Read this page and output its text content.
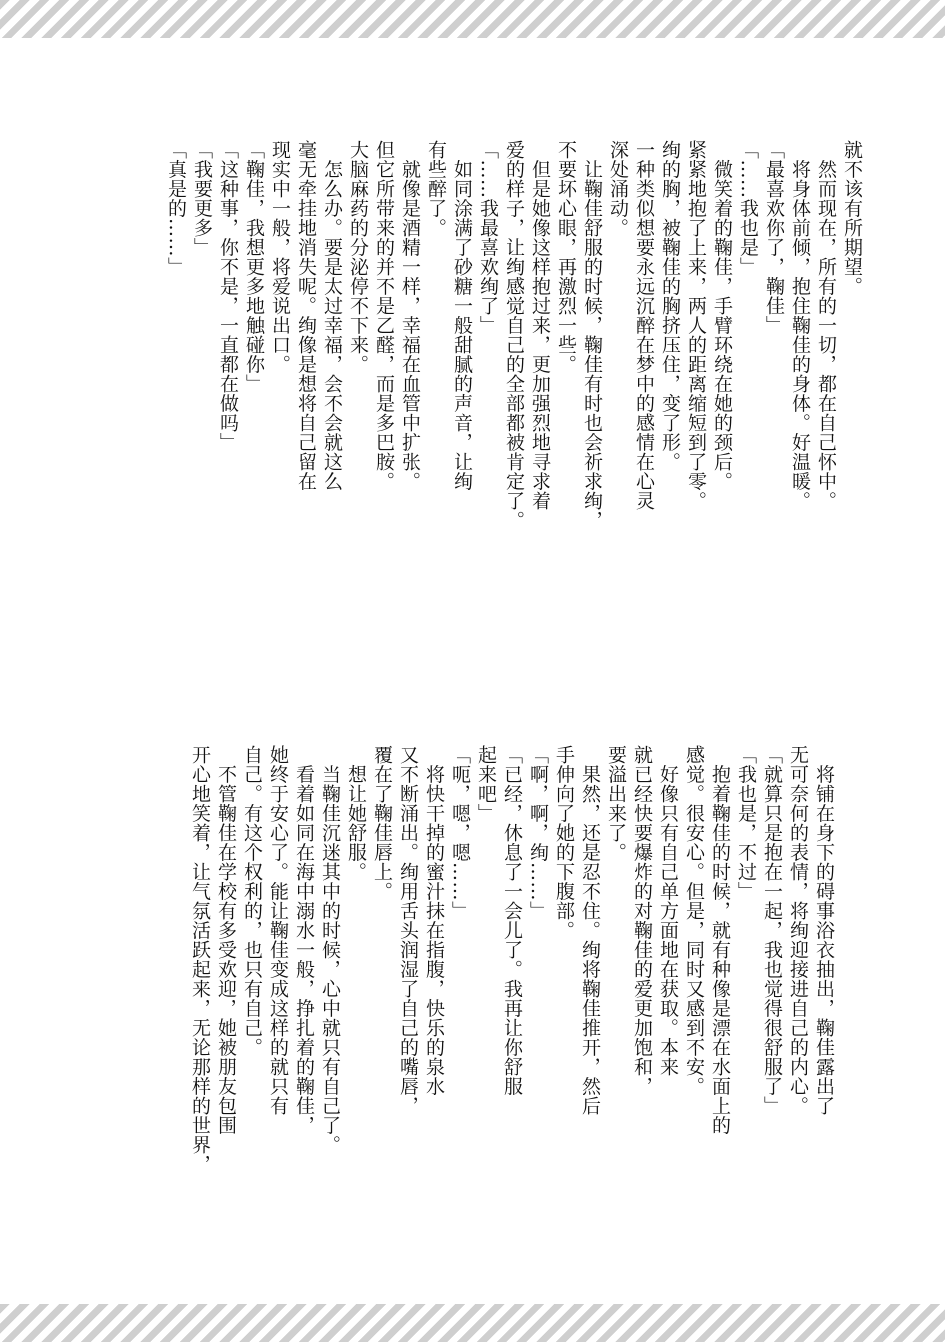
就不该有所期望。

　然而现在，所有的一切，都在自己怀中。

　将身体前倾，抱住鞠佳的身体。好温暖。

「最喜欢你了，鞠佳」

「……我也是」

　微笑着的鞠佳，手臂环绕在她的颈后。

紧紧地抱了上来，两人的距离缩短到了零。

绚的胸，被鞠佳的胸挤压住，变了形。

一种类似想要永远沉醉在梦中的感情在心灵

深处涌动。

　让鞠佳舒服的时候，鞠佳有时也会祈求绚，

不要坏心眼，再激烈一些。

　但是她像这样抱过来，更加强烈地寻求着

爱的样子，让绚感觉自己的全部都被肯定了。

「……我最喜欢绚了」

　如同涂满了砂糖一般甜腻的声音，让绚

有些醉了。

　就像是酒精一样，幸福在血管中扩张。

但它所带来的并不是乙醛，而是多巴胺。

大脑麻药的分泌停不下来。

　怎么办。要是太过幸福，会不会就这么

毫无牵挂地消失呢。绚像是想将自己留在

现实中一般，将爱说出口。

「鞠佳，我想更多地触碰你」

「这种事，你不是，一直都在做吗」

「我要更多」

「真是的……」

　将铺在身下的碍事浴衣抽出，鞠佳露出了

无可奈何的表情，将绚迎接进自己的内心。

「就算只是抱在一起，我也觉得很舒服了」

「我也是，不过」

　抱着鞠佳的时候，就有种像是漂在水面上的

感觉。很安心。但是，同时又感到不安。

　好像只有自己单方面地在获取。本来

就已经快要爆炸的对鞠佳的爱更加饱和，

要溢出来了。

　果然，还是忍不住。绚将鞠佳推开，然后

手伸向了她的下腹部。

「啊，啊，绚……」

「已经，休息了一会儿了。我再让你舒服

起来吧」

「呃，嗯，嗯……」

　将快干掉的蜜汁抹在指腹，快乐的泉水

又不断涌出。绚用舌头润湿了自己的嘴唇，

覆在了鞠佳唇上。

　想让她舒服。

　当鞠佳沉迷其中的时候，心中就只有自己了。

　看着如同在海中溺水一般，挣扎着的鞠佳，

她终于安心了。能让鞠佳变成这样的就只有

自己。有这个权利的，也只有自己。

　不管鞠佳在学校有多受欢迎，她被朋友包围

开心地笑着，让气氛活跃起来，无论那样的世界，
